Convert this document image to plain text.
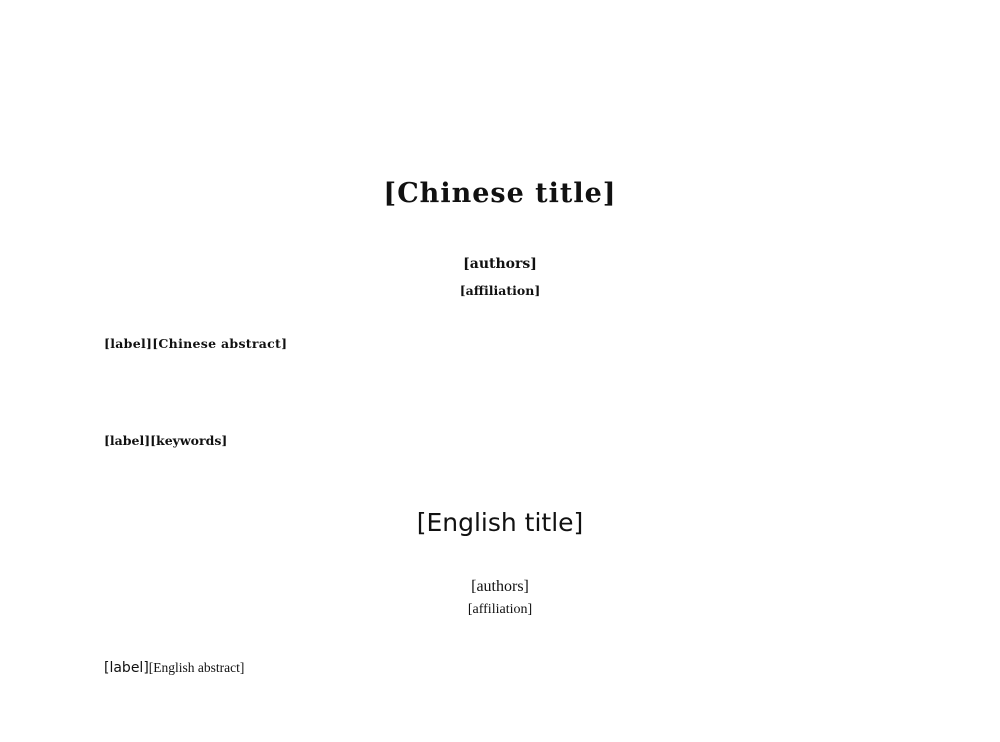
[Chinese title]
[authors]
[affiliation]
[label][Chinese abstract]
[label][keywords]
[English title]
[authors]
[affiliation]
[label][English abstract]
